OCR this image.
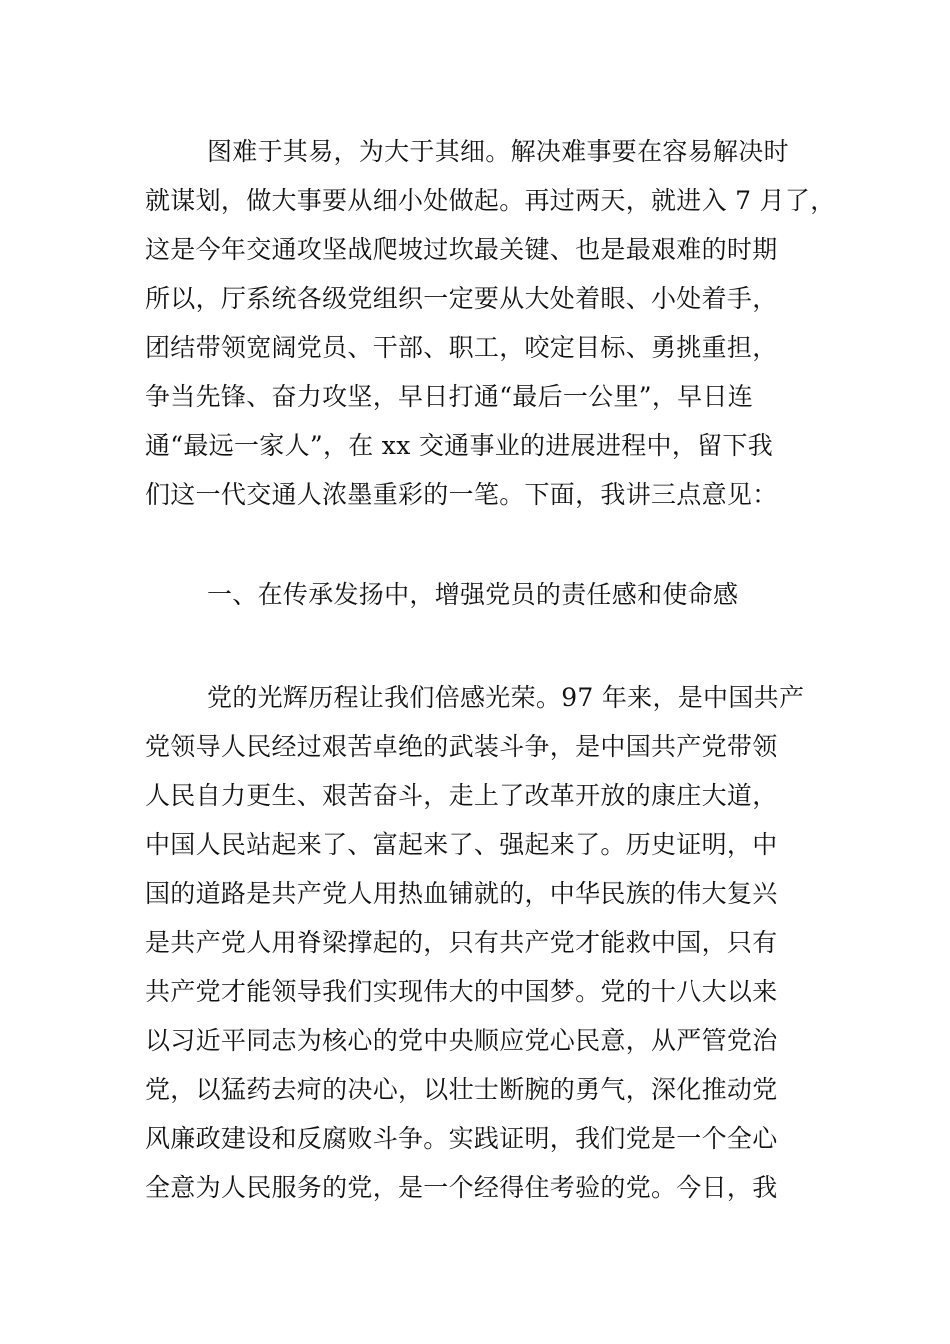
图难于其易，为大于其细。解决难事要在容易解决时
就谋划，做大事要从细小处做起。再过两天，就进入 7 月了，
这是今年交通攻坚战爬坡过坎最关键、也是最艰难的时期
所以，厅系统各级党组织一定要从大处着眼、小处着手，
团结带领宽阔党员、干部、职工，咬定目标、勇挑重担，
争当先锋、奋力攻坚，早日打通“最后一公里”，早日连
通“最远一家人”，在 xx 交通事业的进展进程中，留下我
们这一代交通人浓墨重彩的一笔。下面，我讲三点意见：
一、在传承发扬中，增强党员的责任感和使命感
党的光辉历程让我们倍感光荣。97 年来，是中国共产
党领导人民经过艰苦卓绝的武装斗争，是中国共产党带领
人民自力更生、艰苦奋斗，走上了改革开放的康庄大道，
中国人民站起来了、富起来了、强起来了。历史证明，中
国的道路是共产党人用热血铺就的，中华民族的伟大复兴
是共产党人用脊梁撑起的，只有共产党才能救中国，只有
共产党才能领导我们实现伟大的中国梦。党的十八大以来
以习近平同志为核心的党中央顺应党心民意，从严管党治
党，以猛药去疴的决心，以壮士断腕的勇气，深化推动党
风廉政建设和反腐败斗争。实践证明，我们党是一个全心
全意为人民服务的党，是一个经得住考验的党。今日，我
